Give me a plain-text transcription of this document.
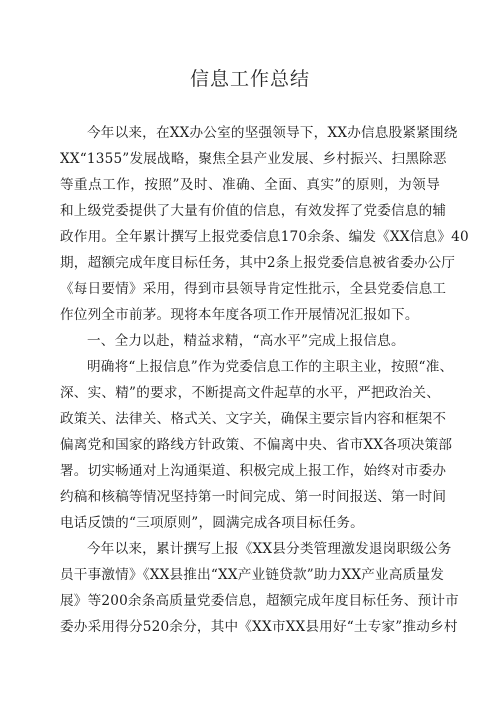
信息工作总结
今年以来，在XX办公室的坚强领导下，XX办信息股紧紧围绕
XX“1355”发展战略，聚焦全县产业发展、乡村振兴、扫黑除恶
等重点工作，按照”及时、准确、全面、真实”的原则，为领导
和上级党委提供了大量有价值的信息，有效发挥了党委信息的辅
政作用。全年累计撰写上报党委信息170余条、编发《XX信息》40
期，超额完成年度目标任务，其中2条上报党委信息被省委办公厅
《每日要情》采用，得到市县领导肯定性批示，全县党委信息工
作位列全市前茅。现将本年度各项工作开展情况汇报如下。
一、全力以赴，精益求精，“高水平”完成上报信息。
明确将“上报信息”作为党委信息工作的主职主业，按照“准、
深、实、精”的要求，不断提高文件起草的水平，严把政治关、
政策关、法律关、格式关、文字关，确保主要宗旨内容和框架不
偏离党和国家的路线方针政策、不偏离中央、省市XX各项决策部
署。切实畅通对上沟通渠道、积极完成上报工作，始终对市委办
约稿和核稿等情况坚持第一时间完成、第一时间报送、第一时间
电话反馈的“三项原则”，圆满完成各项目标任务。
今年以来，累计撰写上报《XX县分类管理激发退岗职级公务
员干事激情》《XX县推出“XX产业链贷款”助力XX产业高质量发
展》等200余条高质量党委信息，超额完成年度目标任务、预计市
委办采用得分520余分，其中《XX市XX县用好“土专家”推动乡村
